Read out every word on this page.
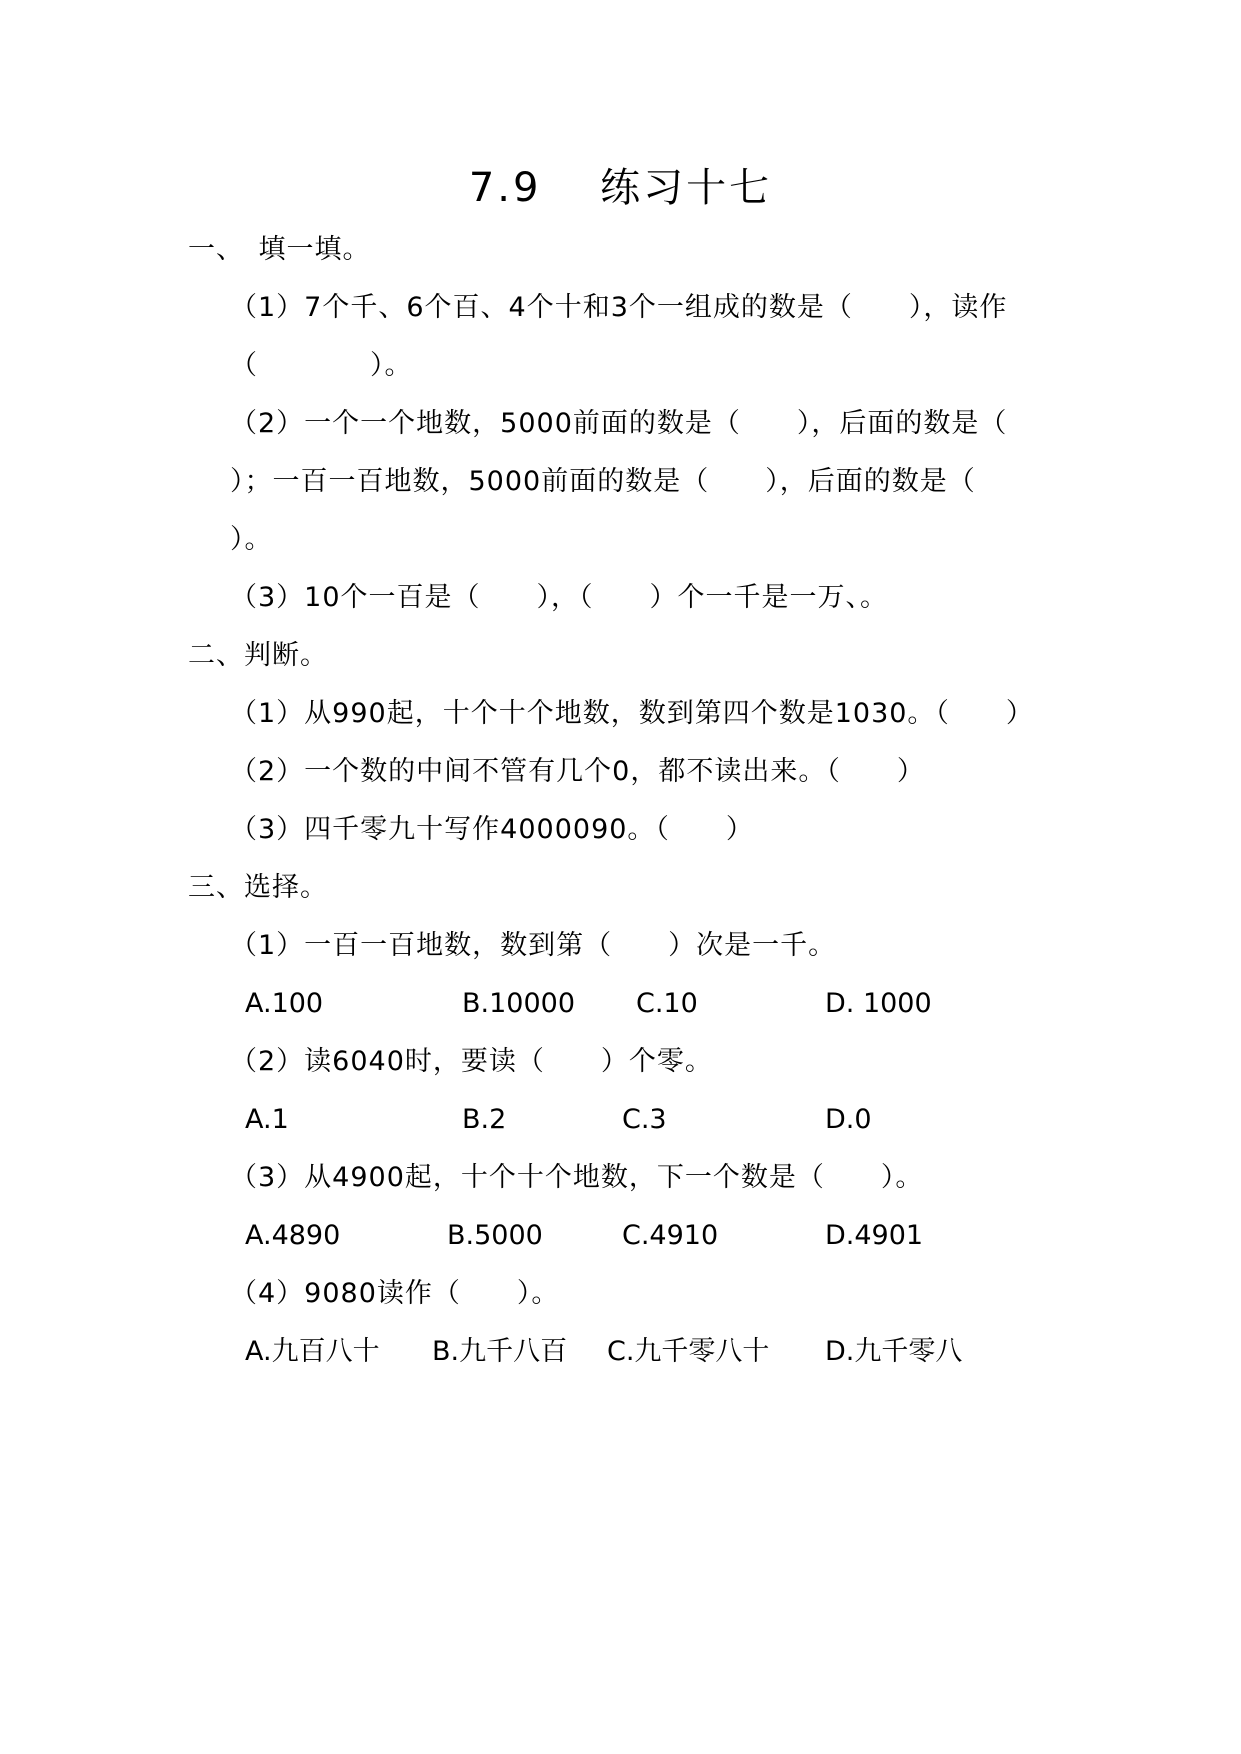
7.9　 练习十七
一、　填一填。
（1）7个千、6个百、4个十和3个一组成的数是（　　），读作
（　　　　）。
（2）一个一个地数，5000前面的数是（　　），后面的数是（
）；一百一百地数，5000前面的数是（　　），后面的数是（
）。
（3）10个一百是（　　），（　　）个一千是一万、。
二、判断。
（1）从990起，十个十个地数，数到第四个数是1030。（　　）
（2）一个数的中间不管有几个0，都不读出来。（　　）
（3）四千零九十写作4000090。（　　）
三、选择。
（1）一百一百地数，数到第（　　）次是一千。
A.100	B.10000 C.10	D. 1000
（2）读6040时，要读（　　）个零。
A.1	B.2	C.3	D.0
（3）从4900起，十个十个地数，下一个数是（　　）。
A.4890	B.5000	C.4910	D.4901
（4）9080读作（　　）。
A.九百八十 B.九千八百 C.九千零八十 D.九千零八
